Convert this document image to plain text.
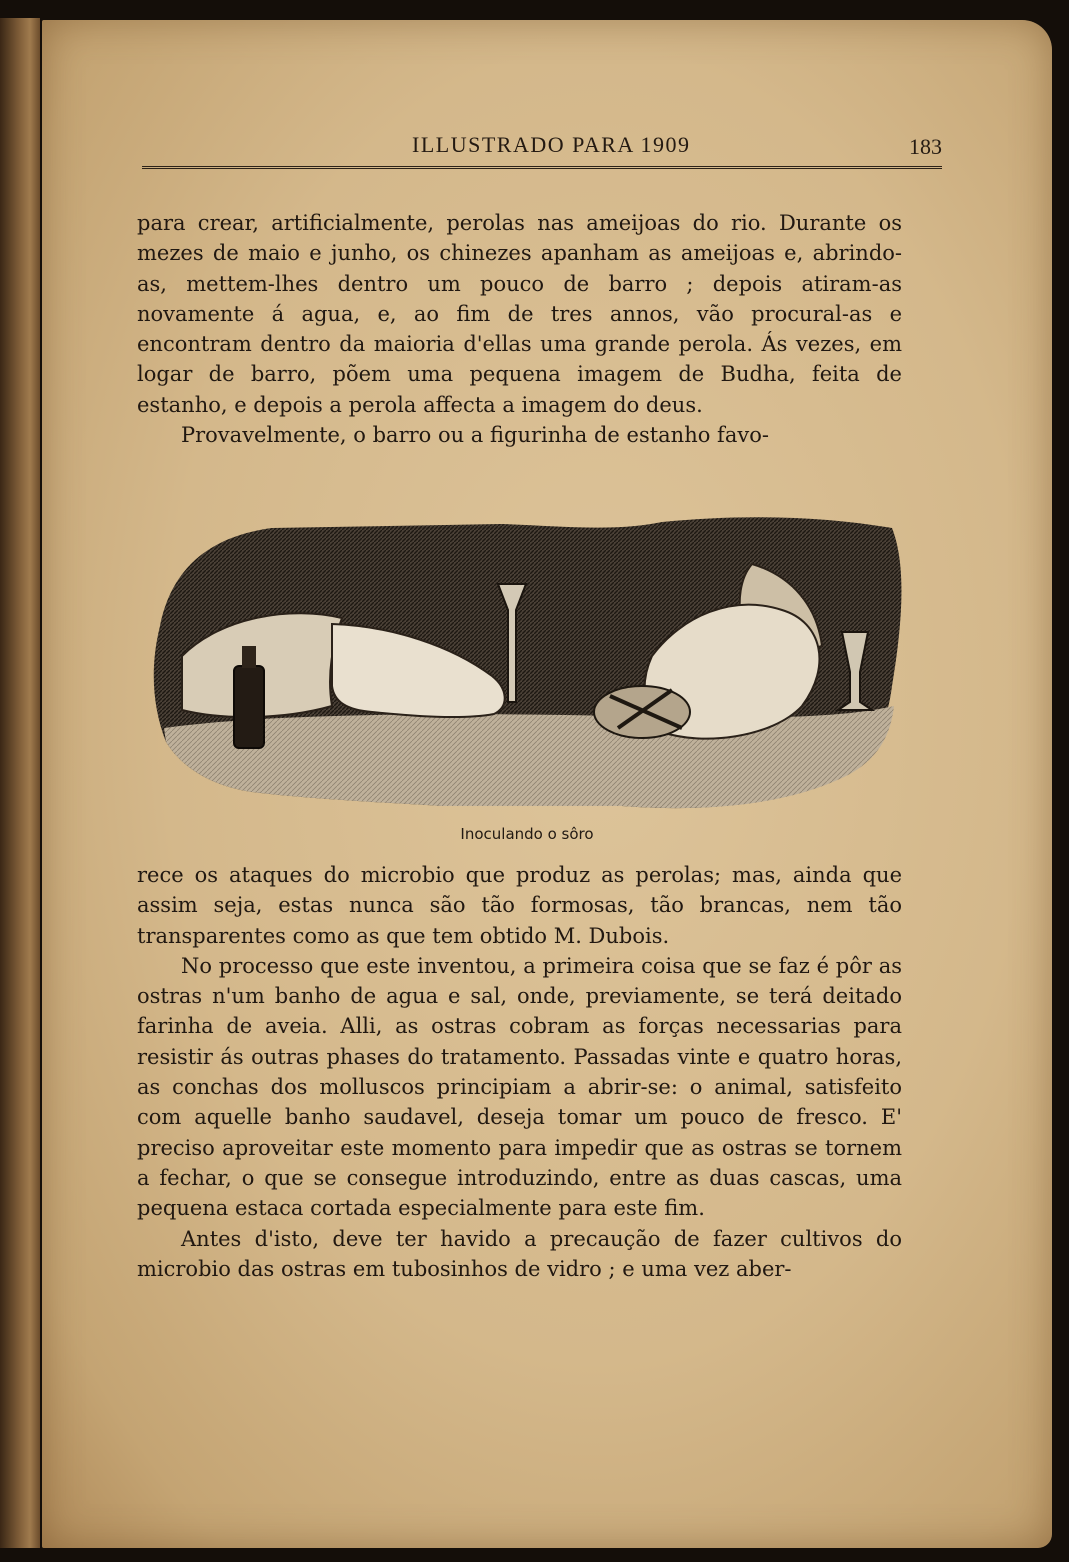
ILLUSTRADO PARA 1909	183

para crear, artificialmente, perolas nas ameijoas do rio. Durante os mezes de maio e junho, os chinezes apanham as ameijoas e, abrindo-as, mettem-lhes dentro um pouco de barro ; depois atiram-as novamente á agua, e, ao fim de tres annos, vão procural-as e encontram dentro da maioria d'ellas uma grande perola. Ás vezes, em logar de barro, põem uma pequena imagem de Budha, feita de estanho, e depois a perola affecta a imagem do deus.

Provavelmente, o barro ou a figurinha de estanho favo-

Inoculando o sôro

rece os ataques do microbio que produz as perolas; mas, ainda que assim seja, estas nunca são tão formosas, tão brancas, nem tão transparentes como as que tem obtido M. Dubois.

No processo que este inventou, a primeira coisa que se faz é pôr as ostras n'um banho de agua e sal, onde, previamente, se terá deitado farinha de aveia. Alli, as ostras cobram as forças necessarias para resistir ás outras phases do tratamento. Passadas vinte e quatro horas, as conchas dos molluscos principiam a abrir-se: o animal, satisfeito com aquelle banho saudavel, deseja tomar um pouco de fresco. E' preciso aproveitar este momento para impedir que as ostras se tornem a fechar, o que se consegue introduzindo, entre as duas cascas, uma pequena estaca cortada especialmente para este fim.

Antes d'isto, deve ter havido a precaução de fazer cultivos do microbio das ostras em tubosinhos de vidro ; e uma vez aber-
